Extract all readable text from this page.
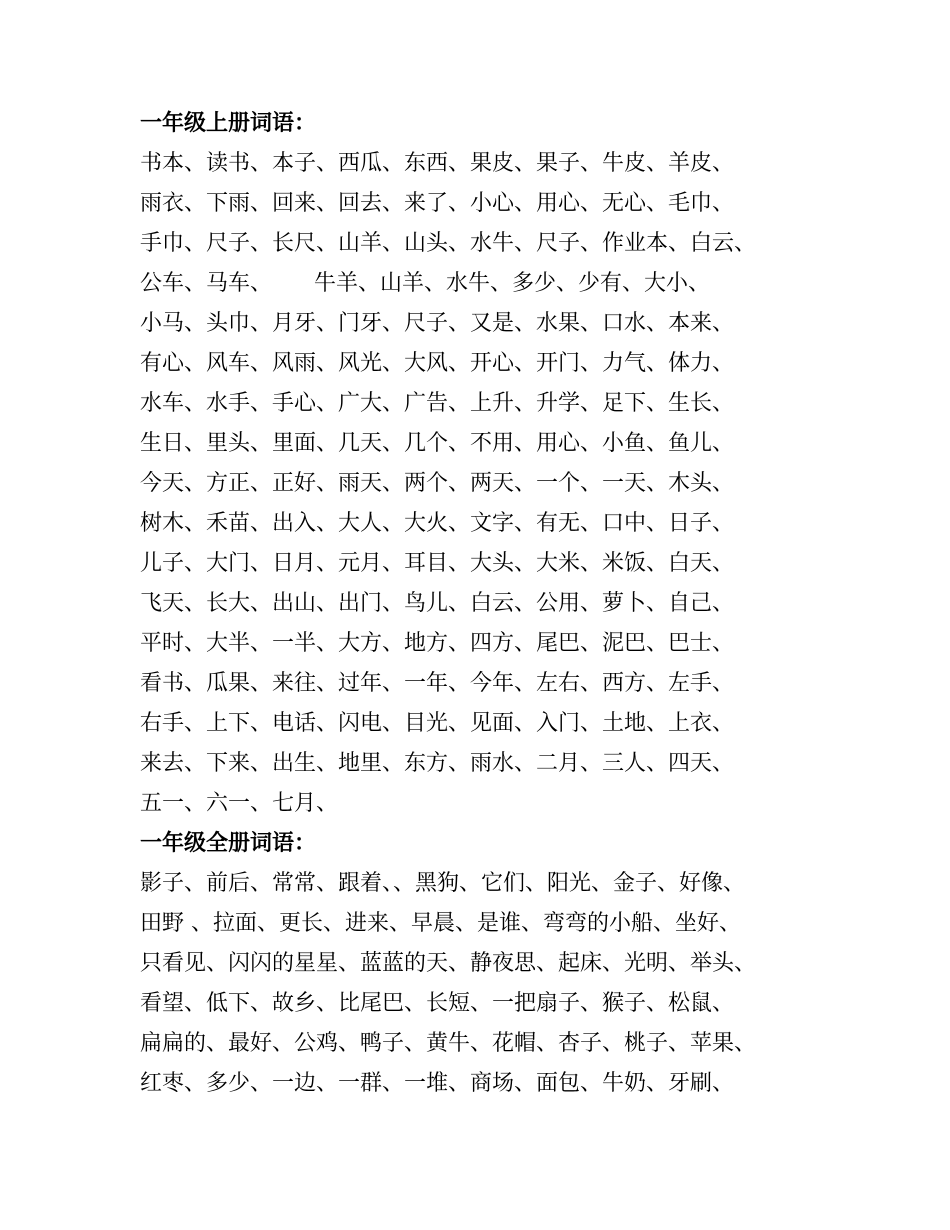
一年级上册词语：
书本、读书、本子、西瓜、东西、果皮、果子、牛皮、羊皮、
雨衣、下雨、回来、回去、来了、小心、用心、无心、毛巾、
手巾、尺子、长尺、山羊、山头、水牛、尺子、作业本、白云、
公车、马车、      牛羊、山羊、水牛、多少、少有、大小、
小马、头巾、月牙、门牙、尺子、又是、水果、口水、本来、
有心、风车、风雨、风光、大风、开心、开门、力气、体力、
水车、水手、手心、广大、广告、上升、升学、足下、生长、
生日、里头、里面、几天、几个、不用、用心、小鱼、鱼儿、
今天、方正、正好、雨天、两个、两天、一个、一天、木头、
树木、禾苗、出入、大人、大火、文字、有无、口中、日子、
儿子、大门、日月、元月、耳目、大头、大米、米饭、白天、
飞天、长大、出山、出门、鸟儿、白云、公用、萝卜、自己、
平时、大半、一半、大方、地方、四方、尾巴、泥巴、巴士、
看书、瓜果、来往、过年、一年、今年、左右、西方、左手、
右手、上下、电话、闪电、目光、见面、入门、土地、上衣、
来去、下来、出生、地里、东方、雨水、二月、三人、四天、
五一、六一、七月、
一年级全册词语：
影子、前后、常常、跟着、、黑狗、它们、阳光、金子、好像、
田野 、拉面、更长、进来、早晨、是谁、弯弯的小船、坐好、
只看见、闪闪的星星、蓝蓝的天、静夜思、起床、光明、举头、
看望、低下、故乡、比尾巴、长短、一把扇子、猴子、松鼠、
扁扁的、最好、公鸡、鸭子、黄牛、花帽、杏子、桃子、苹果、
红枣、多少、一边、一群、一堆、商场、面包、牛奶、牙刷、
